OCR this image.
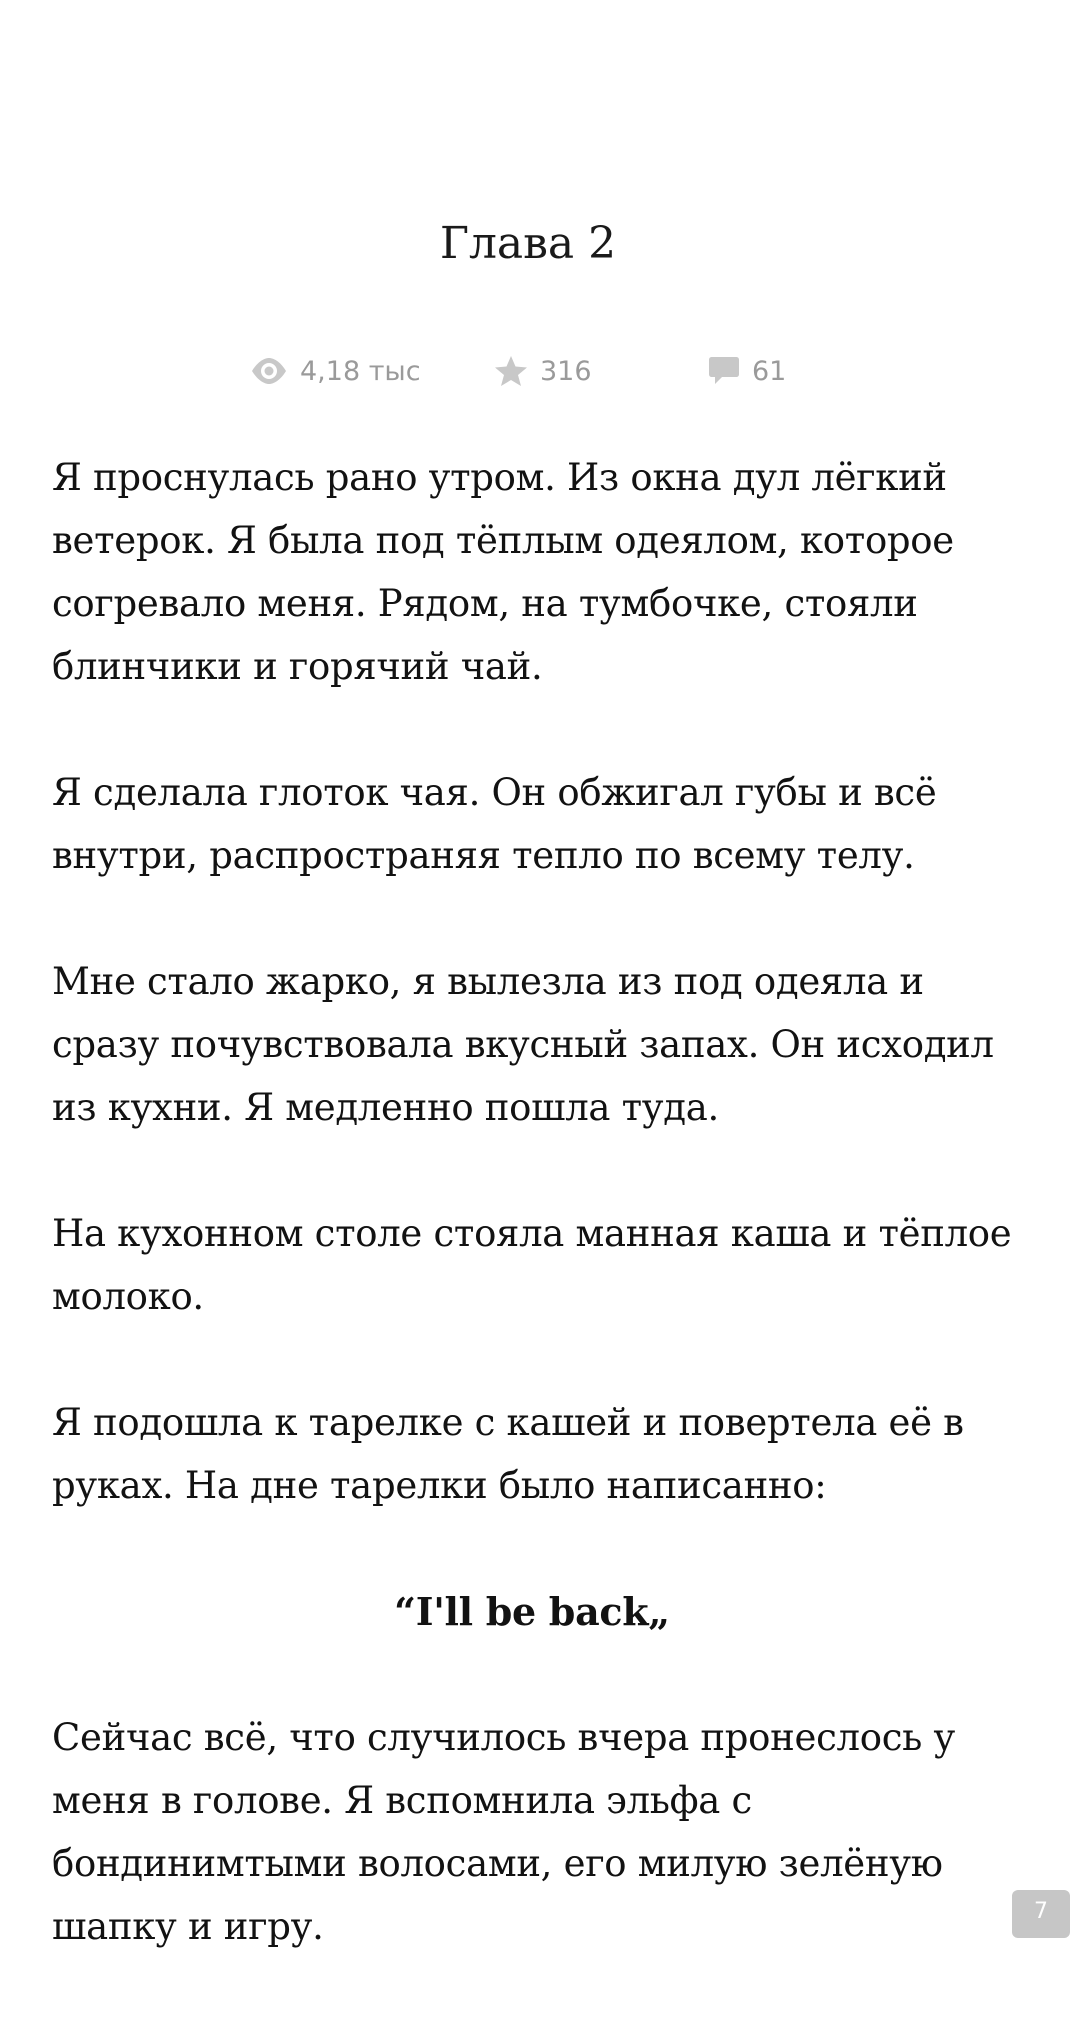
Глава 2
4,18 тыс	316	61

Я проснулась рано утром. Из окна дул лёгкий ветерок. Я была под тёплым одеялом, которое согревало меня. Рядом, на тумбочке, стояли блинчики и горячий чай.

Я сделала глоток чая. Он обжигал губы и всё внутри, распространяя тепло по всему телу.

Мне стало жарко, я вылезла из под одеяла и сразу почувствовала вкусный запах. Он исходил из кухни. Я медленно пошла туда.

На кухонном столе стояла манная каша и тёплое молоко.

Я подошла к тарелке с кашей и повертела её в руках. На дне тарелки было написанно:

“I'll be back„

Сейчас всё, что случилось вчера пронеслось у меня в голове. Я вспомнила эльфа с бондинимтыми волосами, его милую зелёную шапку и игру.	7
